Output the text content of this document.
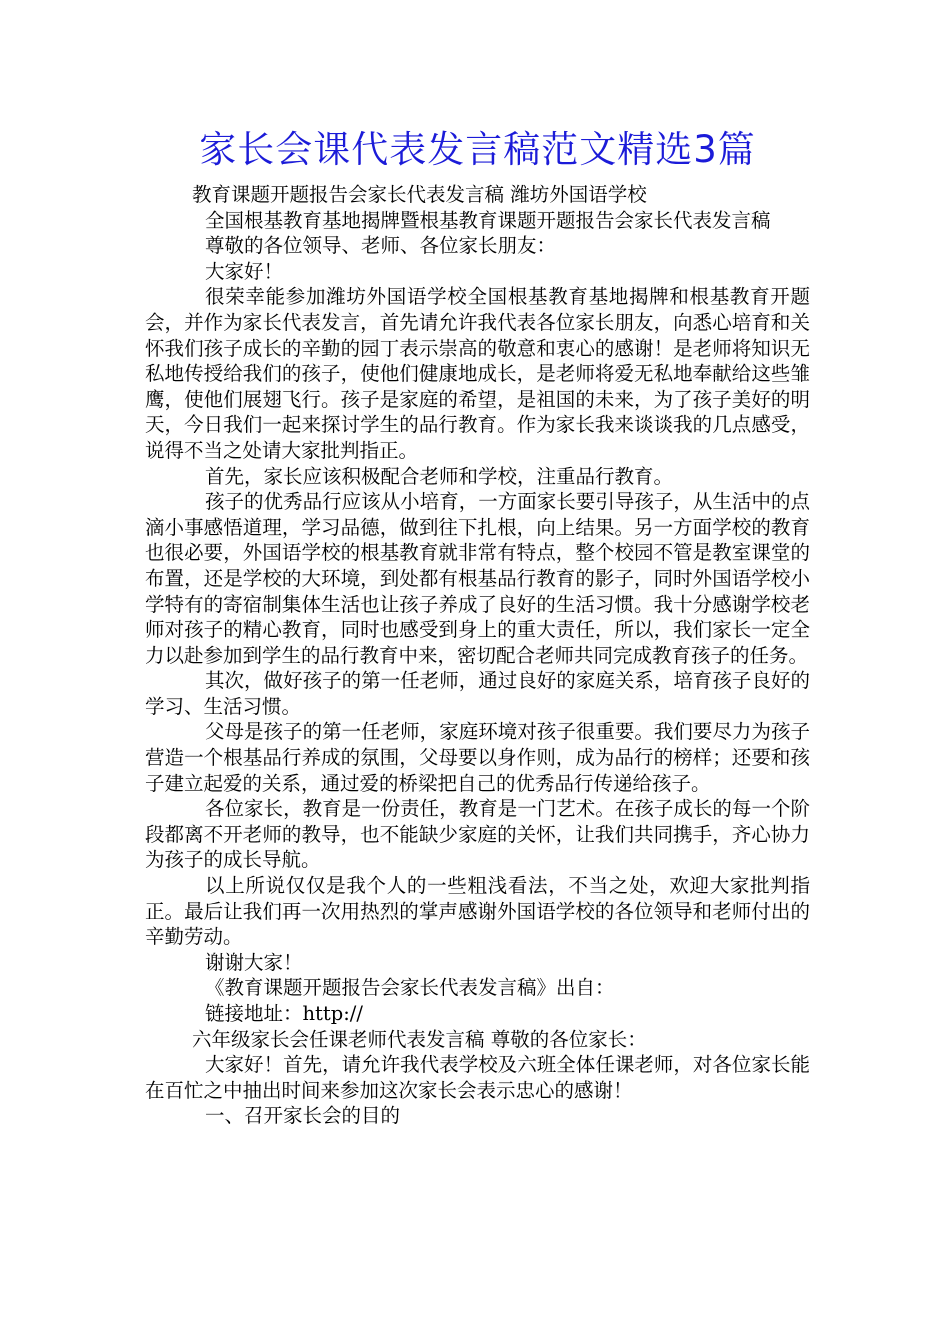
家长会课代表发言稿范文精选3篇

教育课题开题报告会家长代表发言稿 潍坊外国语学校

全国根基教育基地揭牌暨根基教育课题开题报告会家长代表发言稿

尊敬的各位领导、老师、各位家长朋友：

大家好！

很荣幸能参加潍坊外国语学校全国根基教育基地揭牌和根基教育开题会，并作为家长代表发言，首先请允许我代表各位家长朋友，向悉心培育和关怀我们孩子成长的辛勤的园丁表示崇高的敬意和衷心的感谢！是老师将知识无私地传授给我们的孩子，使他们健康地成长，是老师将爱无私地奉献给这些雏鹰，使他们展翅飞行。孩子是家庭的希望，是祖国的未来，为了孩子美好的明天，今日我们一起来探讨学生的品行教育。作为家长我来谈谈我的几点感受，说得不当之处请大家批判指正。

首先，家长应该积极配合老师和学校，注重品行教育。

孩子的优秀品行应该从小培育，一方面家长要引导孩子，从生活中的点滴小事感悟道理，学习品德，做到往下扎根，向上结果。另一方面学校的教育也很必要，外国语学校的根基教育就非常有特点，整个校园不管是教室课堂的布置，还是学校的大环境，到处都有根基品行教育的影子，同时外国语学校小学特有的寄宿制集体生活也让孩子养成了良好的生活习惯。我十分感谢学校老师对孩子的精心教育，同时也感受到身上的重大责任，所以，我们家长一定全力以赴参加到学生的品行教育中来，密切配合老师共同完成教育孩子的任务。

其次，做好孩子的第一任老师，通过良好的家庭关系，培育孩子良好的学习、生活习惯。

父母是孩子的第一任老师，家庭环境对孩子很重要。我们要尽力为孩子营造一个根基品行养成的氛围，父母要以身作则，成为品行的榜样；还要和孩子建立起爱的关系，通过爱的桥梁把自己的优秀品行传递给孩子。

各位家长，教育是一份责任，教育是一门艺术。在孩子成长的每一个阶段都离不开老师的教导，也不能缺少家庭的关怀，让我们共同携手，齐心协力为孩子的成长导航。

以上所说仅仅是我个人的一些粗浅看法，不当之处，欢迎大家批判指正。最后让我们再一次用热烈的掌声感谢外国语学校的各位领导和老师付出的辛勤劳动。

谢谢大家！

《教育课题开题报告会家长代表发言稿》出自：

链接地址：http://

六年级家长会任课老师代表发言稿 尊敬的各位家长：

大家好！首先，请允许我代表学校及六班全体任课老师，对各位家长能在百忙之中抽出时间来参加这次家长会表示忠心的感谢！

一、召开家长会的目的
